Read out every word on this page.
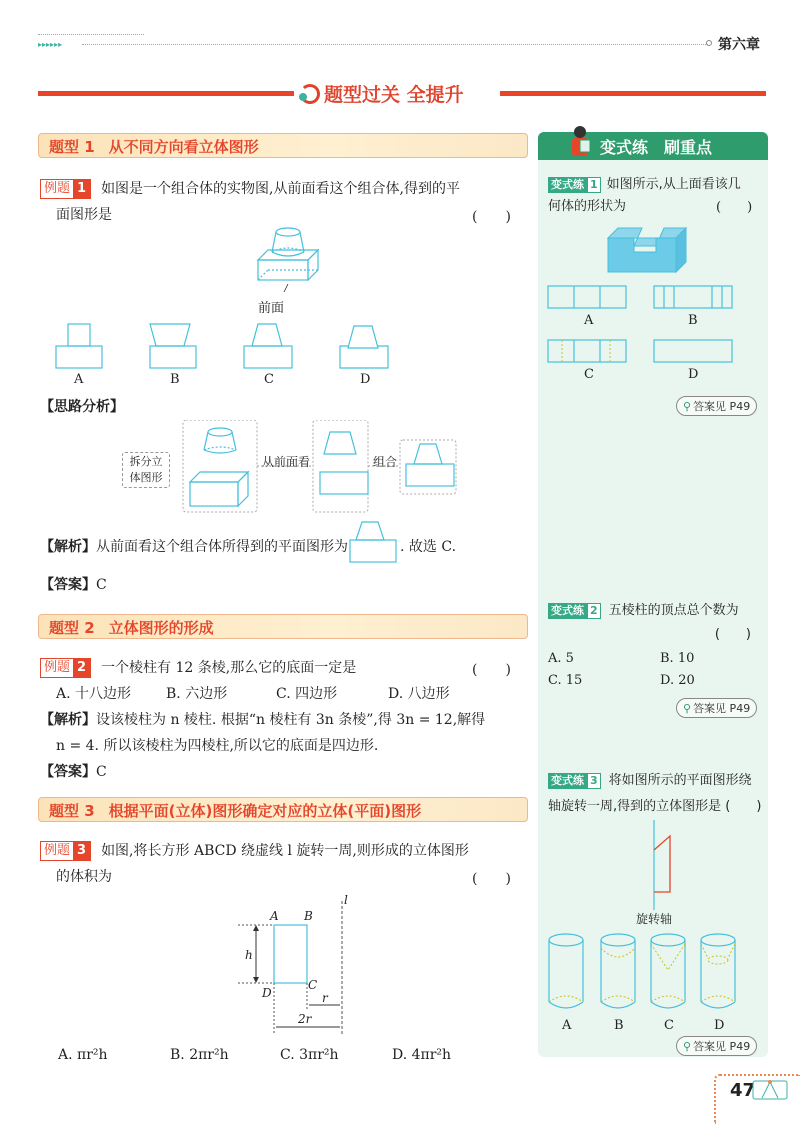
▸▸▸▸▸▸	第六章
题型过关 全提升
题型 1 从不同方向看立体图形
例题 1 如图是一个组合体的实物图,从前面看这个组合体,得到的平
面图形是	(　　)
前面
A	B	C	D
【思路分析】
拆分立
体图形
从前面看	组合
【解析】 从前面看这个组合体所得到的平面图形为	. 故选 C.
【答案】C
题型 2 立体图形的形成
例题 2 一个棱柱有 12 条棱,那么它的底面一定是	(　　)
A. 十八边形	B. 六边形	C. 四边形	D. 八边形
【解析】设该棱柱为 n 棱柱. 根据“n 棱柱有 3n 条棱”,得 3n = 12,解得
n = 4. 所以该棱柱为四棱柱,所以它的底面是四边形.
【答案】C
题型 3 根据平面(立体)图形确定对应的立体(平面)图形
例题 3 如图,将长方形 ABCD 绕虚线 l 旋转一周,则形成的立体图形
的体积为	(　　)
A B
C
D
l
h
r
2r
A. πr²h	B. 2πr²h	C. 3πr²h	D. 4πr²h
变式练　刷重点
变式练 1 如图所示,从上面看该几
何体的形状为	(　　)
A	B
C	D
⚲ 答案见 P49
变式练 2 五棱柱的顶点总个数为
(　　)
A. 5	B. 10
C. 15	D. 20
⚲ 答案见 P49
变式练 3 将如图所示的平面图形绕
轴旋转一周,得到的立体图形是 (　　)
旋转轴
A	B	C	D
⚲ 答案见 P49
47
